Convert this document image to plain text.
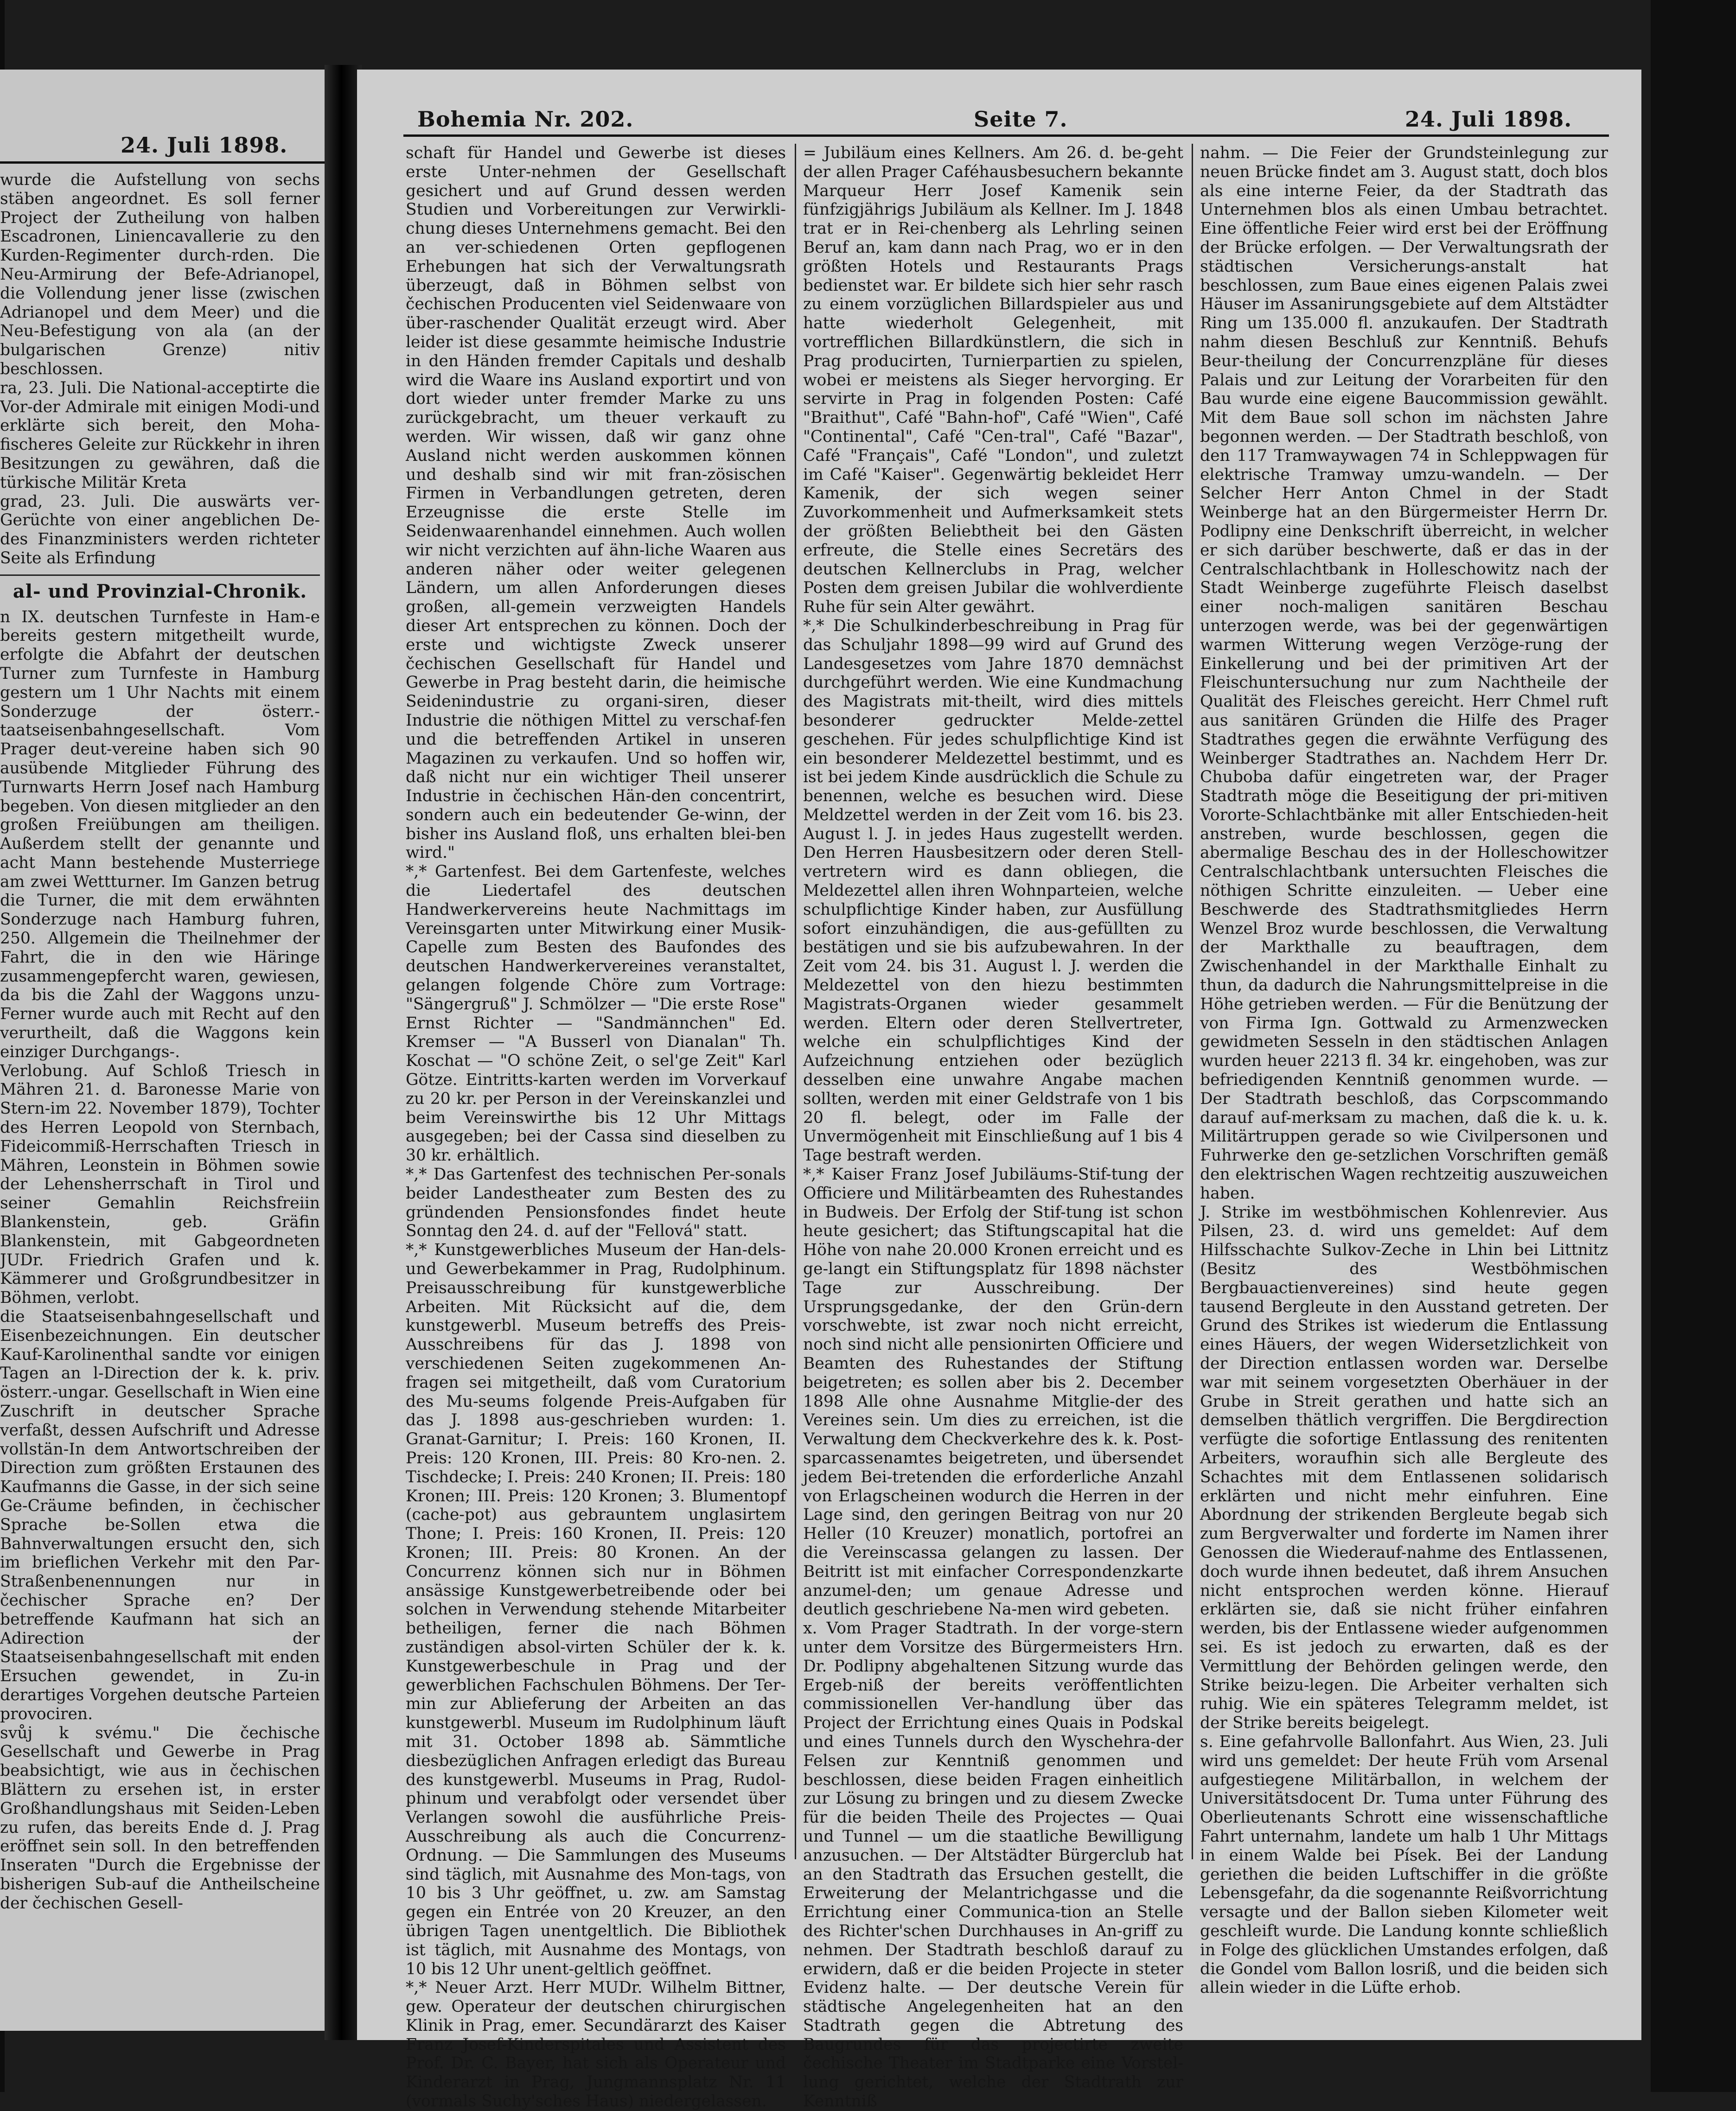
24. Juli 1898.

wurde die Aufstellung von sechs stäben angeordnet. Es soll ferner Project der Zutheilung von halben Escadronen, Liniencavallerie zu den Kurden-Regimenter durch-rden. Die Neu-Armirung der Befe-Adrianopel, die Vollendung jener lisse (zwischen Adrianopel und dem Meer) und die Neu-Befestigung von ala (an der bulgarischen Grenze) nitiv beschlossen.

ra, 23. Juli. Die National-acceptirte die Vor-der Admirale mit einigen Modi-und erklärte sich bereit, den Moha-fischeres Geleite zur Rückkehr in ihren Besitzungen zu gewähren, daß die türkische Militär Kreta

grad, 23. Juli. Die auswärts ver-Gerüchte von einer angeblichen De-des Finanzministers werden richteter Seite als Erfindung

al- und Provinzial-Chronik.

n IX. deutschen Turnfeste in Ham-e bereits gestern mitgetheilt wurde, erfolgte die Abfahrt der deutschen Turner zum Turnfeste in Hamburg gestern um 1 Uhr Nachts mit einem Sonderzuge der österr.-taatseisenbahngesellschaft. Vom Prager deut-vereine haben sich 90 ausübende Mitglieder Führung des Turnwarts Herrn Josef nach Hamburg begeben. Von diesen mitglieder an den großen Freiübungen am theiligen. Außerdem stellt der genannte und acht Mann bestehende Musterriege am zwei Wettturner. Im Ganzen betrug die Turner, die mit dem erwähnten Sonderzuge nach Hamburg fuhren, 250. Allgemein die Theilnehmer der Fahrt, die in den wie Häringe zusammengepfercht waren, gewiesen, da bis die Zahl der Waggons unzu-Ferner wurde auch mit Recht auf den verurtheilt, daß die Waggons kein einziger Durchgangs-.

Verlobung. Auf Schloß Triesch in Mähren 21. d. Baronesse Marie von Stern-im 22. November 1879), Tochter des Herren Leopold von Sternbach, Fideicommiß-Herrschaften Triesch in Mähren, Leonstein in Böhmen sowie der Lehensherrschaft in Tirol und seiner Gemahlin Reichsfreiin Blankenstein, geb. Gräfin Blankenstein, mit Gabgeordneten JUDr. Friedrich Grafen und k. Kämmerer und Großgrundbesitzer in Böhmen, verlobt.

die Staatseisenbahngesellschaft und Eisenbezeichnungen. Ein deutscher Kauf-Karolinenthal sandte vor einigen Tagen an l-Direction der k. k. priv. österr.-ungar. Gesellschaft in Wien eine Zuschrift in deutscher Sprache verfaßt, dessen Aufschrift und Adresse vollstän-In dem Antwortschreiben der Direction zum größten Erstaunen des Kaufmanns die Gasse, in der sich seine Ge-Cräume befinden, in čechischer Sprache be-Sollen etwa die Bahnverwaltungen ersucht den, sich im brieflichen Verkehr mit den Par-Straßenbenennungen nur in čechischer Sprache en? Der betreffende Kaufmann hat sich an Adirection der Staatseisenbahngesellschaft mit enden Ersuchen gewendet, in Zu-in derartiges Vorgehen deutsche Parteien provociren.

svůj k svému." Die čechische Gesellschaft und Gewerbe in Prag beabsichtigt, wie aus in čechischen Blättern zu ersehen ist, in erster Großhandlungshaus mit Seiden-Leben zu rufen, das bereits Ende d. J. Prag eröffnet sein soll. In den betreffenden Inseraten "Durch die Ergebnisse der bisherigen Sub-auf die Antheilscheine der čechischen Gesell-

Bohemia Nr. 202.	Seite 7.	24. Juli 1898.

schaft für Handel und Gewerbe ist dieses erste Unter-nehmen der Gesellschaft gesichert und auf Grund dessen werden Studien und Vorbereitungen zur Verwirkli-chung dieses Unternehmens gemacht. Bei den an ver-schiedenen Orten gepflogenen Erhebungen hat sich der Verwaltungsrath überzeugt, daß in Böhmen selbst von čechischen Producenten viel Seidenwaare von über-raschender Qualität erzeugt wird. Aber leider ist diese gesammte heimische Industrie in den Händen fremder Capitals und deshalb wird die Waare ins Ausland exportirt und von dort wieder unter fremder Marke zu uns zurückgebracht, um theuer verkauft zu werden. Wir wissen, daß wir ganz ohne Ausland nicht werden auskommen können und deshalb sind wir mit fran-zösischen Firmen in Verbandlungen getreten, deren Erzeugnisse die erste Stelle im Seidenwaarenhandel einnehmen. Auch wollen wir nicht verzichten auf ähn-liche Waaren aus anderen näher oder weiter gelegenen Ländern, um allen Anforderungen dieses großen, all-gemein verzweigten Handels dieser Art entsprechen zu können. Doch der erste und wichtigste Zweck unserer čechischen Gesellschaft für Handel und Gewerbe in Prag besteht darin, die heimische Seidenindustrie zu organi-siren, dieser Industrie die nöthigen Mittel zu verschaf-fen und die betreffenden Artikel in unseren Magazinen zu verkaufen. Und so hoffen wir, daß nicht nur ein wichtiger Theil unserer Industrie in čechischen Hän-den concentrirt, sondern auch ein bedeutender Ge-winn, der bisher ins Ausland floß, uns erhalten blei-ben wird."

*,* Gartenfest. Bei dem Gartenfeste, welches die Liedertafel des deutschen Handwerkervereins heute Nachmittags im Vereinsgarten unter Mitwirkung einer Musik-Capelle zum Besten des Baufondes des deutschen Handwerkervereines veranstaltet, gelangen folgende Chöre zum Vortrage: "Sängergruß" J. Schmölzer — "Die erste Rose" Ernst Richter — "Sandmännchen" Ed. Kremser — "A Busserl von Dianalan" Th. Koschat — "O schöne Zeit, o sel'ge Zeit" Karl Götze. Eintritts-karten werden im Vorverkauf zu 20 kr. per Person in der Vereinskanzlei und beim Vereinswirthe bis 12 Uhr Mittags ausgegeben; bei der Cassa sind dieselben zu 30 kr. erhältlich.

*,* Das Gartenfest des technischen Per-sonals beider Landestheater zum Besten des zu gründenden Pensionsfondes findet heute Sonntag den 24. d. auf der "Fellová" statt.

*,* Kunstgewerbliches Museum der Han-dels- und Gewerbekammer in Prag, Rudolphinum. Preisausschreibung für kunstgewerbliche Arbeiten. Mit Rücksicht auf die, dem kunstgewerbl. Museum betreffs des Preis-Ausschreibens für das J. 1898 von verschiedenen Seiten zugekommenen An-fragen sei mitgetheilt, daß vom Curatorium des Mu-seums folgende Preis-Aufgaben für das J. 1898 aus-geschrieben wurden: 1. Granat-Garnitur; I. Preis: 160 Kronen, II. Preis: 120 Kronen, III. Preis: 80 Kro-nen. 2. Tischdecke; I. Preis: 240 Kronen; II. Preis: 180 Kronen; III. Preis: 120 Kronen; 3. Blumentopf (cache-pot) aus gebrauntem unglasirtem Thone; I. Preis: 160 Kronen, II. Preis: 120 Kronen; III. Preis: 80 Kronen. An der Concurrenz können sich nur in Böhmen ansässige Kunstgewerbetreibende oder bei solchen in Verwendung stehende Mitarbeiter betheiligen, ferner die nach Böhmen zuständigen absol-virten Schüler der k. k. Kunstgewerbeschule in Prag und der gewerblichen Fachschulen Böhmens. Der Ter-min zur Ablieferung der Arbeiten an das kunstgewerbl. Museum im Rudolphinum läuft mit 31. October 1898 ab. Sämmtliche diesbezüglichen Anfragen erledigt das Bureau des kunstgewerbl. Museums in Prag, Rudol-phinum und verabfolgt oder versendet über Verlangen sowohl die ausführliche Preis-Ausschreibung als auch die Concurrenz-Ordnung. — Die Sammlungen des Museums sind täglich, mit Ausnahme des Mon-tags, von 10 bis 3 Uhr geöffnet, u. zw. am Samstag gegen ein Entrée von 20 Kreuzer, an den übrigen Tagen unentgeltlich. Die Bibliothek ist täglich, mit Ausnahme des Montags, von 10 bis 12 Uhr unent-geltlich geöffnet.

*,* Neuer Arzt. Herr MUDr. Wilhelm Bittner, gew. Operateur der deutschen chirurgischen Klinik in Prag, emer. Secundärarzt des Kaiser Franz Josef-Kinderspitales und Assistent des Prof. Dr. C. Bayer, hat sich als Operateur und Kinderarzt in Prag, Jungmannsplatz Nr. 11 (vormals Suchy'sches Haus) niedergelassen.

= Jubiläum eines Kellners. Am 26. d. be-geht der allen Prager Caféhausbesuchern bekannte Marqueur Herr Josef Kamenik sein fünfzigjährigs Jubiläum als Kellner. Im J. 1848 trat er in Rei-chenberg als Lehrling seinen Beruf an, kam dann nach Prag, wo er in den größten Hotels und Restaurants Prags bedienstet war. Er bildete sich hier sehr rasch zu einem vorzüglichen Billardspieler aus und hatte wiederholt Gelegenheit, mit vortrefflichen Billardkünstlern, die sich in Prag producirten, Turnierpartien zu spielen, wobei er meistens als Sieger hervorging. Er servirte in Prag in folgenden Posten: Café "Braithut", Café "Bahn-hof", Café "Wien", Café "Continental", Café "Cen-tral", Café "Bazar", Café "Français", Café "London", und zuletzt im Café "Kaiser". Gegenwärtig bekleidet Herr Kamenik, der sich wegen seiner Zuvorkommenheit und Aufmerksamkeit stets der größten Beliebtheit bei den Gästen erfreute, die Stelle eines Secretärs des deutschen Kellnerclubs in Prag, welcher Posten dem greisen Jubilar die wohlverdiente Ruhe für sein Alter gewährt.

*,* Die Schulkinderbeschreibung in Prag für das Schuljahr 1898—99 wird auf Grund des Landesgesetzes vom Jahre 1870 demnächst durchgeführt werden. Wie eine Kundmachung des Magistrats mit-theilt, wird dies mittels besonderer gedruckter Melde-zettel geschehen. Für jedes schulpflichtige Kind ist ein besonderer Meldezettel bestimmt, und es ist bei jedem Kinde ausdrücklich die Schule zu benennen, welche es besuchen wird. Diese Meldzettel werden in der Zeit vom 16. bis 23. August l. J. in jedes Haus zugestellt werden. Den Herren Hausbesitzern oder deren Stell-vertretern wird es dann obliegen, die Meldezettel allen ihren Wohnparteien, welche schulpflichtige Kinder haben, zur Ausfüllung sofort einzuhändigen, die aus-gefüllten zu bestätigen und sie bis aufzubewahren. In der Zeit vom 24. bis 31. August l. J. werden die Meldezettel von den hiezu bestimmten Magistrats-Organen wieder gesammelt werden. Eltern oder deren Stellvertreter, welche ein schulpflichtiges Kind der Aufzeichnung entziehen oder bezüglich desselben eine unwahre Angabe machen sollten, werden mit einer Geldstrafe von 1 bis 20 fl. belegt, oder im Falle der Unvermögenheit mit Einschließung auf 1 bis 4 Tage bestraft werden.

*,* Kaiser Franz Josef Jubiläums-Stif-tung der Officiere und Militärbeamten des Ruhestandes in Budweis. Der Erfolg der Stif-tung ist schon heute gesichert; das Stiftungscapital hat die Höhe von nahe 20.000 Kronen erreicht und es ge-langt ein Stiftungsplatz für 1898 nächster Tage zur Ausschreibung. Der Ursprungsgedanke, der den Grün-dern vorschwebte, ist zwar noch nicht erreicht, noch sind nicht alle pensionirten Officiere und Beamten des Ruhestandes der Stiftung beigetreten; es sollen aber bis 2. December 1898 Alle ohne Ausnahme Mitglie-der des Vereines sein. Um dies zu erreichen, ist die Verwaltung dem Checkverkehre des k. k. Post-sparcassenamtes beigetreten, und übersendet jedem Bei-tretenden die erforderliche Anzahl von Erlagscheinen wodurch die Herren in der Lage sind, den geringen Beitrag von nur 20 Heller (10 Kreuzer) monatlich, portofrei an die Vereinscassa gelangen zu lassen. Der Beitritt ist mit einfacher Correspondenzkarte anzumel-den; um genaue Adresse und deutlich geschriebene Na-men wird gebeten.

x. Vom Prager Stadtrath. In der vorge-stern unter dem Vorsitze des Bürgermeisters Hrn. Dr. Podlipny abgehaltenen Sitzung wurde das Ergeb-niß der bereits veröffentlichten commissionellen Ver-handlung über das Project der Errichtung eines Quais in Podskal und eines Tunnels durch den Wyschehra-der Felsen zur Kenntniß genommen und beschlossen, diese beiden Fragen einheitlich zur Lösung zu bringen und zu diesem Zwecke für die beiden Theile des Projectes — Quai und Tunnel — um die staatliche Bewilligung anzusuchen. — Der Altstädter Bürgerclub hat an den Stadtrath das Ersuchen gestellt, die Erweiterung der Melantrichgasse und die Errichtung einer Communica-tion an Stelle des Richter'schen Durchhauses in An-griff zu nehmen. Der Stadtrath beschloß darauf zu erwidern, daß er die beiden Projecte in steter Evidenz halte. — Der deutsche Verein für städtische Angelegenheiten hat an den Stadtrath gegen die Abtretung des Baugrundes für das projectirte zweite čechische Theater im Stadtparke eine Vorstel-lung gerichtet, welche der Stadtrath zur Kenntniß

nahm. — Die Feier der Grundsteinlegung zur neuen Brücke findet am 3. August statt, doch blos als eine interne Feier, da der Stadtrath das Unternehmen blos als einen Umbau betrachtet. Eine öffentliche Feier wird erst bei der Eröffnung der Brücke erfolgen. — Der Verwaltungsrath der städtischen Versicherungs-anstalt hat beschlossen, zum Baue eines eigenen Palais zwei Häuser im Assanirungsgebiete auf dem Altstädter Ring um 135.000 fl. anzukaufen. Der Stadtrath nahm diesen Beschluß zur Kenntniß. Behufs Beur-theilung der Concurrenzpläne für dieses Palais und zur Leitung der Vorarbeiten für den Bau wurde eine eigene Baucommission gewählt. Mit dem Baue soll schon im nächsten Jahre begonnen werden. — Der Stadtrath beschloß, von den 117 Tramwaywagen 74 in Schleppwagen für elektrische Tramway umzu-wandeln. — Der Selcher Herr Anton Chmel in der Stadt Weinberge hat an den Bürgermeister Herrn Dr. Podlipny eine Denkschrift überreicht, in welcher er sich darüber beschwerte, daß er das in der Centralschlachtbank in Holleschowitz nach der Stadt Weinberge zugeführte Fleisch daselbst einer noch-maligen sanitären Beschau unterzogen werde, was bei der gegenwärtigen warmen Witterung wegen Verzöge-rung der Einkellerung und bei der primitiven Art der Fleischuntersuchung nur zum Nachtheile der Qualität des Fleisches gereicht. Herr Chmel ruft aus sanitären Gründen die Hilfe des Prager Stadtrathes gegen die erwähnte Verfügung des Weinberger Stadtrathes an. Nachdem Herr Dr. Chuboba dafür eingetreten war, der Prager Stadtrath möge die Beseitigung der pri-mitiven Vororte-Schlachtbänke mit aller Entschieden-heit anstreben, wurde beschlossen, gegen die abermalige Beschau des in der Holleschowitzer Centralschlachtbank untersuchten Fleisches die nöthigen Schritte einzuleiten. — Ueber eine Beschwerde des Stadtrathsmitgliedes Herrn Wenzel Broz wurde beschlossen, die Verwaltung der Markthalle zu beauftragen, dem Zwischenhandel in der Markthalle Einhalt zu thun, da dadurch die Nahrungsmittelpreise in die Höhe getrieben werden. — Für die Benützung der von Firma Ign. Gottwald zu Armenzwecken gewidmeten Sesseln in den städtischen Anlagen wurden heuer 2213 fl. 34 kr. eingehoben, was zur befriedigenden Kenntniß genommen wurde. — Der Stadtrath beschloß, das Corpscommando darauf auf-merksam zu machen, daß die k. u. k. Militärtruppen gerade so wie Civilpersonen und Fuhrwerke den ge-setzlichen Vorschriften gemäß den elektrischen Wagen rechtzeitig auszuweichen haben.

J. Strike im westböhmischen Kohlenrevier. Aus Pilsen, 23. d. wird uns gemeldet: Auf dem Hilfsschachte Sulkov-Zeche in Lhin bei Littnitz (Besitz des Westböhmischen Bergbauactienvereines) sind heute gegen tausend Bergleute in den Ausstand getreten. Der Grund des Strikes ist wiederum die Entlassung eines Häuers, der wegen Widersetzlichkeit von der Direction entlassen worden war. Derselbe war mit seinem vorgesetzten Oberhäuer in der Grube in Streit gerathen und hatte sich an demselben thätlich vergriffen. Die Bergdirection verfügte die sofortige Entlassung des renitenten Arbeiters, woraufhin sich alle Bergleute des Schachtes mit dem Entlassenen solidarisch erklärten und nicht mehr einfuhren. Eine Abordnung der strikenden Bergleute begab sich zum Bergverwalter und forderte im Namen ihrer Genossen die Wiederauf-nahme des Entlassenen, doch wurde ihnen bedeutet, daß ihrem Ansuchen nicht entsprochen werden könne. Hierauf erklärten sie, daß sie nicht früher einfahren werden, bis der Entlassene wieder aufgenommen sei. Es ist jedoch zu erwarten, daß es der Vermittlung der Behörden gelingen werde, den Strike beizu-legen. Die Arbeiter verhalten sich ruhig. Wie ein späteres Telegramm meldet, ist der Strike bereits beigelegt.

s. Eine gefahrvolle Ballonfahrt. Aus Wien, 23. Juli wird uns gemeldet: Der heute Früh vom Arsenal aufgestiegene Militärballon, in welchem der Universitätsdocent Dr. Tuma unter Führung des Oberlieutenants Schrott eine wissenschaftliche Fahrt unternahm, landete um halb 1 Uhr Mittags in einem Walde bei Písek. Bei der Landung geriethen die beiden Luftschiffer in die größte Lebensgefahr, da die sogenannte Reißvorrichtung versagte und der Ballon sieben Kilometer weit geschleift wurde. Die Landung konnte schließlich in Folge des glücklichen Umstandes erfolgen, daß die Gondel vom Ballon losriß, und die beiden sich allein wieder in die Lüfte erhob.
